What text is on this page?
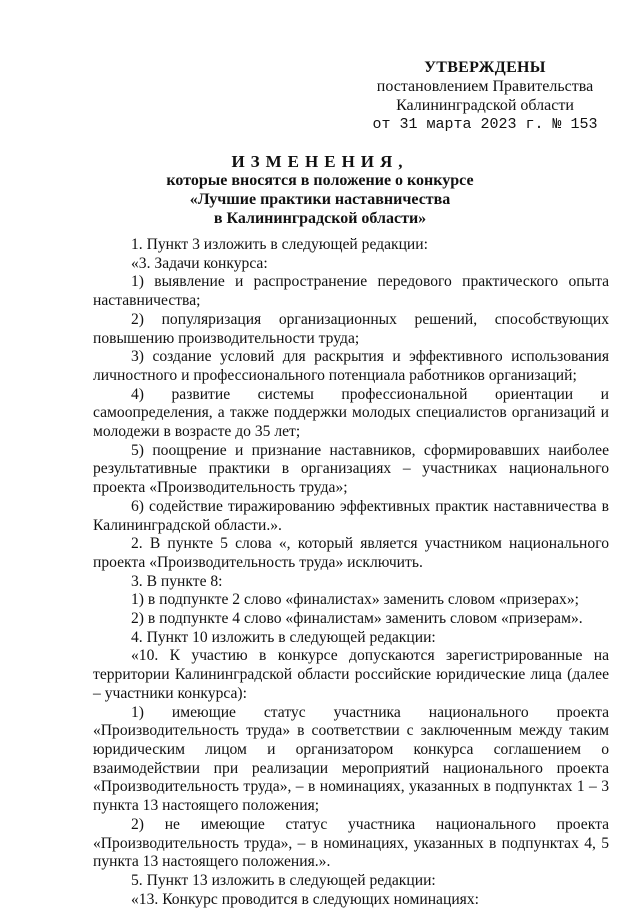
УТВЕРЖДЕНЫ
постановлением Правительства
Калининградской области
от 31 марта 2023 г. № 153
ИЗМЕНЕНИЯ,
которые вносятся в положение о конкурсе
«Лучшие практики наставничества
в Калининградской области»

1. Пункт 3 изложить в следующей редакции:

«3. Задачи конкурса:

1) выявление и распространение передового практического опыта наставничества;

2) популяризация организационных решений, способствующих повышению производительности труда;

3) создание условий для раскрытия и эффективного использования личностного и профессионального потенциала работников организаций;

4) развитие системы профессиональной ориентации и самоопределения, а также поддержки молодых специалистов организаций и молодежи в возрасте до 35 лет;

5) поощрение и признание наставников, сформировавших наиболее результативные практики в организациях – участниках национального проекта «Производительность труда»;

6) содействие тиражированию эффективных практик наставничества в Калининградской области.».

2. В пункте 5 слова «, который является участником национального проекта «Производительность труда» исключить.

3. В пункте 8:

1) в подпункте 2 слово «финалистах» заменить словом «призерах»;

2) в подпункте 4 слово «финалистам» заменить словом «призерам».

4. Пункт 10 изложить в следующей редакции:

«10. К участию в конкурсе допускаются зарегистрированные на территории Калининградской области российские юридические лица (далее – участники конкурса):

1) имеющие статус участника национального проекта «Производительность труда» в соответствии с заключенным между таким юридическим лицом и организатором конкурса соглашением о взаимодействии при реализации мероприятий национального проекта «Производительность труда», – в номинациях, указанных в подпунктах 1 – 3 пункта 13 настоящего положения;

2) не имеющие статус участника национального проекта «Производительность труда», – в номинациях, указанных в подпунктах 4, 5 пункта 13 настоящего положения.».

5. Пункт 13 изложить в следующей редакции:

«13. Конкурс проводится в следующих номинациях:
